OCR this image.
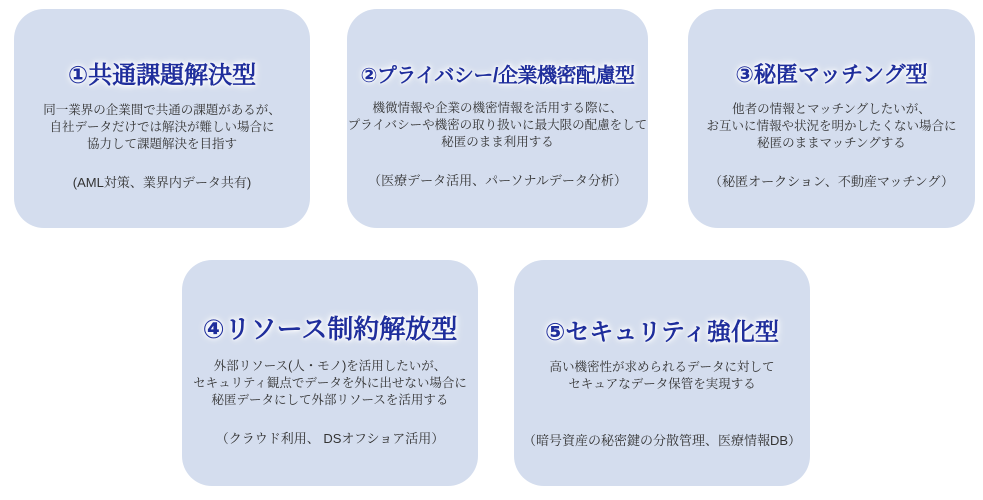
①共通課題解決型
同一業界の企業間で共通の課題があるが、
自社データだけでは解決が難しい場合に
協力して課題解決を目指す
(AML対策、業界内データ共有)
②プライバシー/企業機密配慮型
機微情報や企業の機密情報を活用する際に、
プライバシーや機密の取り扱いに最大限の配慮をして
秘匿のまま利用する
（医療データ活用、パーソナルデータ分析）
③秘匿マッチング型
他者の情報とマッチングしたいが、
お互いに情報や状況を明かしたくない場合に
秘匿のままマッチングする
（秘匿オークション、不動産マッチング）
④リソース制約解放型
外部リソース(人・モノ)を活用したいが、
セキュリティ観点でデータを外に出せない場合に
秘匿データにして外部リソースを活用する
（クラウド利用、 DSオフショア活用）
⑤セキュリティ強化型
高い機密性が求められるデータに対して
セキュアなデータ保管を実現する
（暗号資産の秘密鍵の分散管理、医療情報DB）
